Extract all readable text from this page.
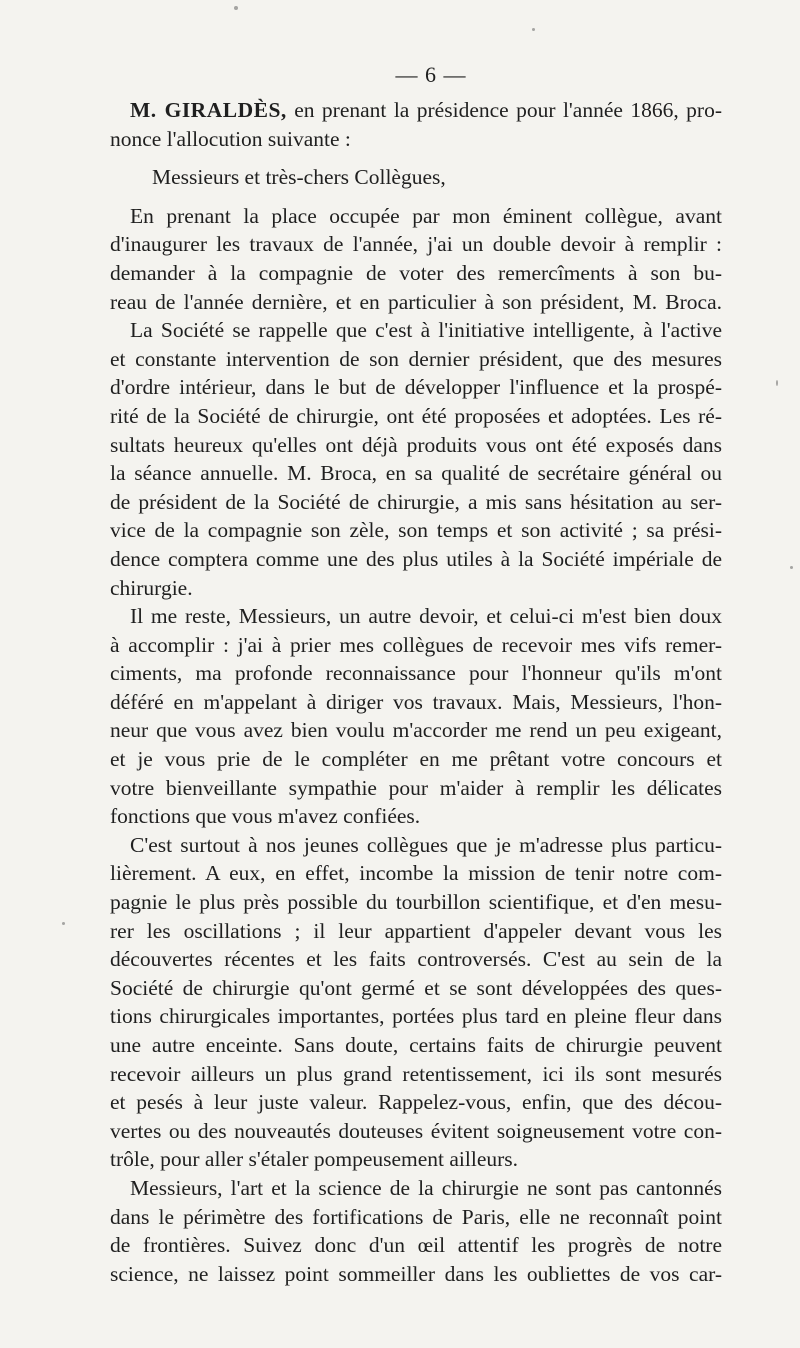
— 6 —
M. GIRALDÈS, en prenant la présidence pour l'année 1866, pro-
nonce l'allocution suivante :
Messieurs et très-chers Collègues,
En prenant la place occupée par mon éminent collègue, avant
d'inaugurer les travaux de l'année, j'ai un double devoir à remplir :
demander à la compagnie de voter des remercîments à son bu-
reau de l'année dernière, et en particulier à son président, M. Broca.
La Société se rappelle que c'est à l'initiative intelligente, à l'active
et constante intervention de son dernier président, que des mesures
d'ordre intérieur, dans le but de développer l'influence et la prospé-
rité de la Société de chirurgie, ont été proposées et adoptées. Les ré-
sultats heureux qu'elles ont déjà produits vous ont été exposés dans
la séance annuelle. M. Broca, en sa qualité de secrétaire général ou
de président de la Société de chirurgie, a mis sans hésitation au ser-
vice de la compagnie son zèle, son temps et son activité ; sa prési-
dence comptera comme une des plus utiles à la Société impériale de
chirurgie.
Il me reste, Messieurs, un autre devoir, et celui-ci m'est bien doux
à accomplir : j'ai à prier mes collègues de recevoir mes vifs remer-
ciments, ma profonde reconnaissance pour l'honneur qu'ils m'ont
déféré en m'appelant à diriger vos travaux. Mais, Messieurs, l'hon-
neur que vous avez bien voulu m'accorder me rend un peu exigeant,
et je vous prie de le compléter en me prêtant votre concours et
votre bienveillante sympathie pour m'aider à remplir les délicates
fonctions que vous m'avez confiées.
C'est surtout à nos jeunes collègues que je m'adresse plus particu-
lièrement. A eux, en effet, incombe la mission de tenir notre com-
pagnie le plus près possible du tourbillon scientifique, et d'en mesu-
rer les oscillations ; il leur appartient d'appeler devant vous les
découvertes récentes et les faits controversés. C'est au sein de la
Société de chirurgie qu'ont germé et se sont développées des ques-
tions chirurgicales importantes, portées plus tard en pleine fleur dans
une autre enceinte. Sans doute, certains faits de chirurgie peuvent
recevoir ailleurs un plus grand retentissement, ici ils sont mesurés
et pesés à leur juste valeur. Rappelez-vous, enfin, que des décou-
vertes ou des nouveautés douteuses évitent soigneusement votre con-
trôle, pour aller s'étaler pompeusement ailleurs.
Messieurs, l'art et la science de la chirurgie ne sont pas cantonnés
dans le périmètre des fortifications de Paris, elle ne reconnaît point
de frontières. Suivez donc d'un œil attentif les progrès de notre
science, ne laissez point sommeiller dans les oubliettes de vos car-
